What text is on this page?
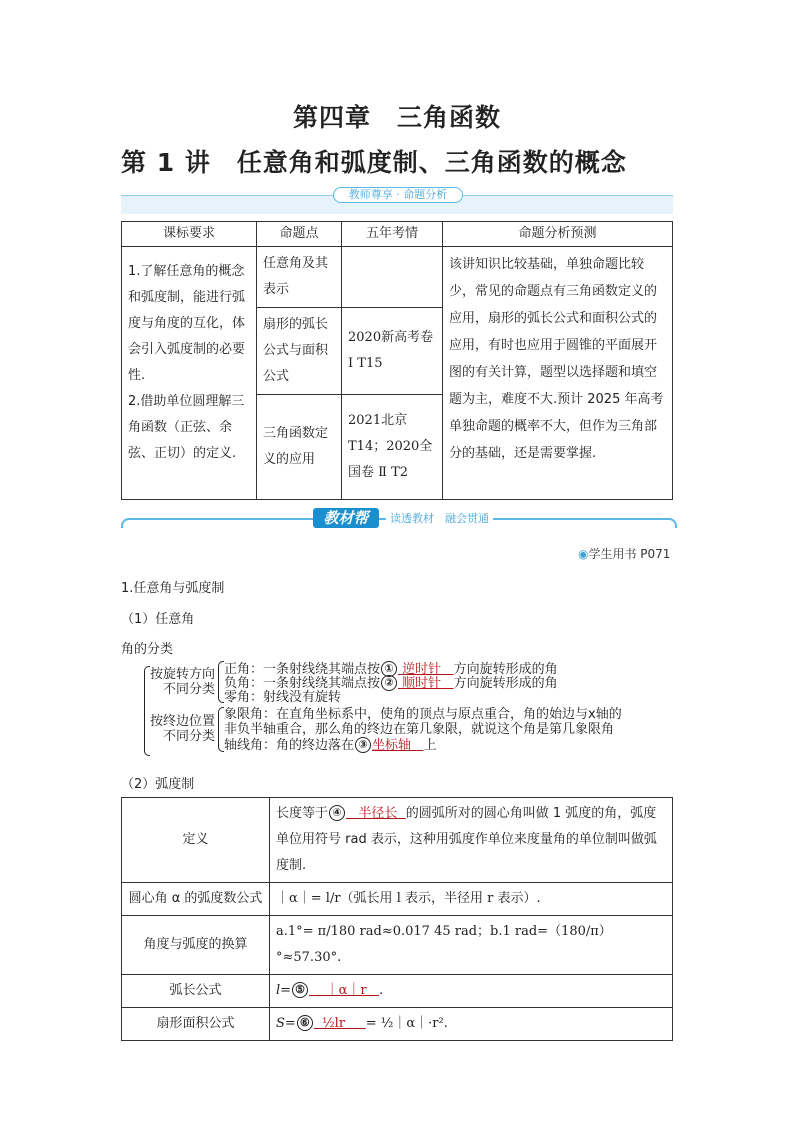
第四章　三角函数
第 1 讲　任意角和弧度制、三角函数的概念
教师尊享 · 命题分析
课标要求	命题点	五年考情	命题分析预测
1.了解任意角的概念和弧度制，能进行弧度与角度的互化，体会引入弧度制的必要性.
2.借助单位圆理解三角函数（正弦、余弦、正切）的定义.	任意角及其表示		该讲知识比较基础，单独命题比较少，常见的命题点有三角函数定义的应用，扇形的弧长公式和面积公式的应用，有时也应用于圆锥的平面展开图的有关计算，题型以选择题和填空题为主，难度不大.预计 2025 年高考单独命题的概率不大，但作为三角部分的基础，还是需要掌握.
	扇形的弧长公式与面积公式	2020新高考卷 Ⅰ T15	
	三角函数定义的应用	2021北京 T14；2020全国卷 Ⅱ T2	
教材帮	读透教材　融会贯通
◉学生用书 P071
1.任意角与弧度制
（1）任意角
角的分类
按旋转方向
不同分类
正角：一条射线绕其端点按 ① 逆时针 方向旋转形成的角
负角：一条射线绕其端点按 ② 顺时针 方向旋转形成的角
零角：射线没有旋转
按终边位置
不同分类
象限角：在直角坐标系中，使角的顶点与原点重合，角的始边与x轴的
非负半轴重合，那么角的终边在第几象限，就说这个角是第几象限角
轴线角：角的终边落在 ③ 坐标轴 上
（2）弧度制
定义	长度等于 ④ 半径长 的圆弧所对的圆心角叫做 1 弧度的角，弧度单位用符号 rad 表示，这种用弧度作单位来度量角的单位制叫做弧度制.
圆心角 α 的弧度数公式	｜α｜= l/r（弧长用 l 表示，半径用 r 表示）.
角度与弧度的换算	a.1°= π/180 rad≈0.017 45 rad；b.1 rad=（180/π）°≈57.30°.
弧长公式	l= ⑤ ｜α｜r .
扇形面积公式	S= ⑥ ½lr = ½｜α｜·r².
